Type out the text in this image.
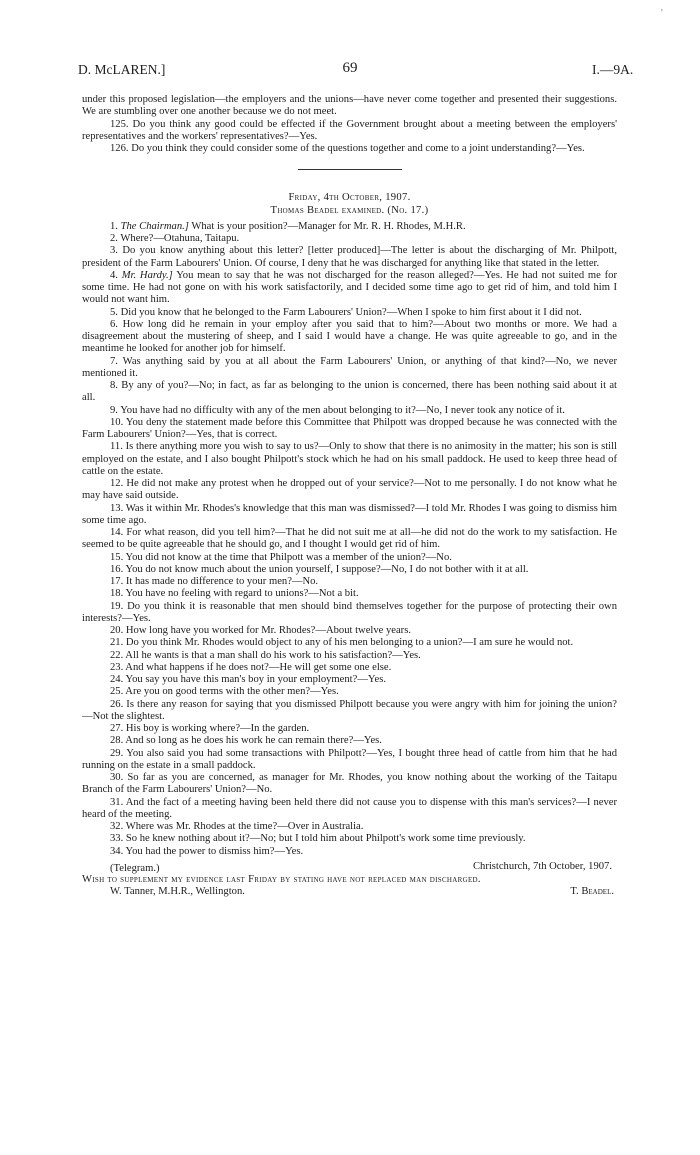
'
D. McLAREN.]	69	I.—9A.

under this proposed legislation—the employers and the unions—have never come together and presented their suggestions. We are stumbling over one another because we do not meet.

125. Do you think any good could be effected if the Government brought about a meeting between the employers' representatives and the workers' representatives?—Yes.

126. Do you think they could consider some of the questions together and come to a joint understanding?—Yes.

Friday, 4th October, 1907.

Thomas Beadel examined. (No. 17.)

1. The Chairman.] What is your position?—Manager for Mr. R. H. Rhodes, M.H.R.

2. Where?—Otahuna, Taitapu.

3. Do you know anything about this letter? [letter produced]—The letter is about the discharging of Mr. Philpott, president of the Farm Labourers' Union. Of course, I deny that he was discharged for anything like that stated in the letter.

4. Mr. Hardy.] You mean to say that he was not discharged for the reason alleged?—Yes. He had not suited me for some time. He had not gone on with his work satisfactorily, and I decided some time ago to get rid of him, and told him I would not want him.

5. Did you know that he belonged to the Farm Labourers' Union?—When I spoke to him first about it I did not.

6. How long did he remain in your employ after you said that to him?—About two months or more. We had a disagreement about the mustering of sheep, and I said I would have a change. He was quite agreeable to go, and in the meantime he looked for another job for himself.

7. Was anything said by you at all about the Farm Labourers' Union, or anything of that kind?—No, we never mentioned it.

8. By any of you?—No; in fact, as far as belonging to the union is concerned, there has been nothing said about it at all.

9. You have had no difficulty with any of the men about belonging to it?—No, I never took any notice of it.

10. You deny the statement made before this Committee that Philpott was dropped because he was connected with the Farm Labourers' Union?—Yes, that is correct.

11. Is there anything more you wish to say to us?—Only to show that there is no animosity in the matter; his son is still employed on the estate, and I also bought Philpott's stock which he had on his small paddock. He used to keep three head of cattle on the estate.

12. He did not make any protest when he dropped out of your service?—Not to me personally. I do not know what he may have said outside.

13. Was it within Mr. Rhodes's knowledge that this man was dismissed?—I told Mr. Rhodes I was going to dismiss him some time ago.

14. For what reason, did you tell him?—That he did not suit me at all—he did not do the work to my satisfaction. He seemed to be quite agreeable that he should go, and I thought I would get rid of him.

15. You did not know at the time that Philpott was a member of the union?—No.

16. You do not know much about the union yourself, I suppose?—No, I do not bother with it at all.

17. It has made no difference to your men?—No.

18. You have no feeling with regard to unions?—Not a bit.

19. Do you think it is reasonable that men should bind themselves together for the purpose of protecting their own interests?—Yes.

20. How long have you worked for Mr. Rhodes?—About twelve years.

21. Do you think Mr. Rhodes would object to any of his men belonging to a union?—I am sure he would not.

22. All he wants is that a man shall do his work to his satisfaction?—Yes.

23. And what happens if he does not?—He will get some one else.

24. You say you have this man's boy in your employment?—Yes.

25. Are you on good terms with the other men?—Yes.

26. Is there any reason for saying that you dismissed Philpott because you were angry with him for joining the union?—Not the slightest.

27. His boy is working where?—In the garden.

28. And so long as he does his work he can remain there?—Yes.

29. You also said you had some transactions with Philpott?—Yes, I bought three head of cattle from him that he had running on the estate in a small paddock.

30. So far as you are concerned, as manager for Mr. Rhodes, you know nothing about the working of the Taitapu Branch of the Farm Labourers' Union?—No.

31. And the fact of a meeting having been held there did not cause you to dispense with this man's services?—I never heard of the meeting.

32. Where was Mr. Rhodes at the time?—Over in Australia.

33. So he knew nothing about it?—No; but I told him about Philpott's work some time previously.

34. You had the power to dismiss him?—Yes.

(Telegram.)	Christchurch, 7th October, 1907.
Wish to supplement my evidence last Friday by stating have not replaced man discharged.
W. Tanner, M.H.R., Wellington.	T. Beadel.
